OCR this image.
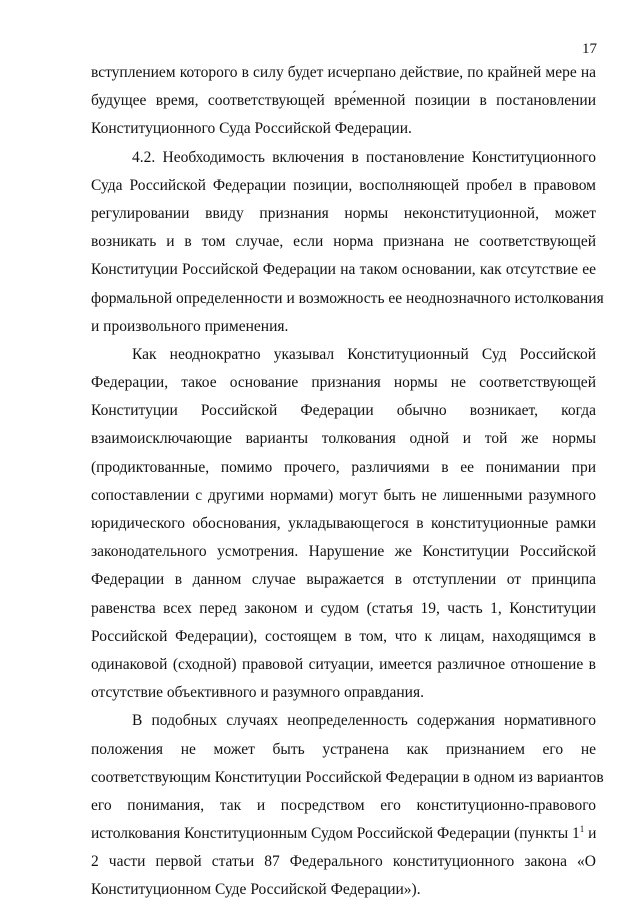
17
вступлением которого в силу будет исчерпано действие, по крайней мере на
будущее время, соответствующей вре́менной позиции в постановлении
Конституционного Суда Российской Федерации.
4.2. Необходимость включения в постановление Конституционного
Суда Российской Федерации позиции, восполняющей пробел в правовом
регулировании ввиду признания нормы неконституционной, может
возникать и в том случае, если норма признана не соответствующей
Конституции Российской Федерации на таком основании, как отсутствие ее
формальной определенности и возможность ее неоднозначного истолкования
и произвольного применения.
Как неоднократно указывал Конституционный Суд Российской
Федерации, такое основание признания нормы не соответствующей
Конституции Российской Федерации обычно возникает, когда
взаимоисключающие варианты толкования одной и той же нормы
(продиктованные, помимо прочего, различиями в ее понимании при
сопоставлении с другими нормами) могут быть не лишенными разумного
юридического обоснования, укладывающегося в конституционные рамки
законодательного усмотрения. Нарушение же Конституции Российской
Федерации в данном случае выражается в отступлении от принципа
равенства всех перед законом и судом (статья 19, часть 1, Конституции
Российской Федерации), состоящем в том, что к лицам, находящимся в
одинаковой (сходной) правовой ситуации, имеется различное отношение в
отсутствие объективного и разумного оправдания.
В подобных случаях неопределенность содержания нормативного
положения не может быть устранена как признанием его не
соответствующим Конституции Российской Федерации в одном из вариантов
его понимания, так и посредством его конституционно-правового
истолкования Конституционным Судом Российской Федерации (пункты $1^1$ и
2 части первой статьи 87 Федерального конституционного закона «О
Конституционном Суде Российской Федерации»).
